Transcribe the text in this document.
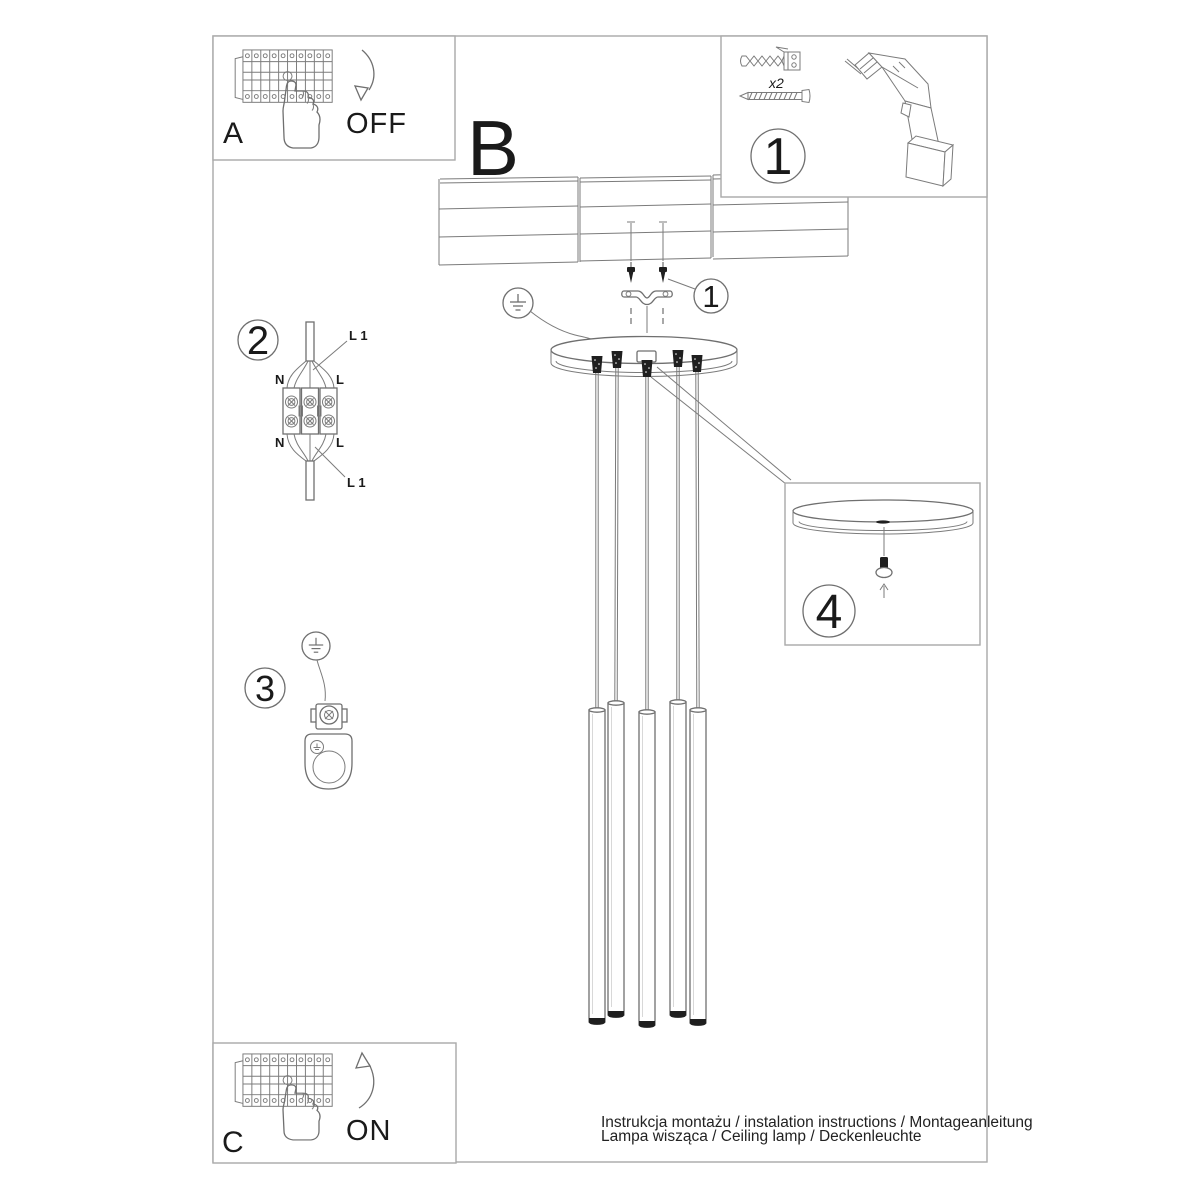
1
A	OFF
x2
1
B
2	L 1
N	L
N	L
L 1
3
4
C	ON	Instrukcja montażu / instalation instructions / Montageanleitung
Lampa wisząca / Ceiling lamp / Deckenleuchte
